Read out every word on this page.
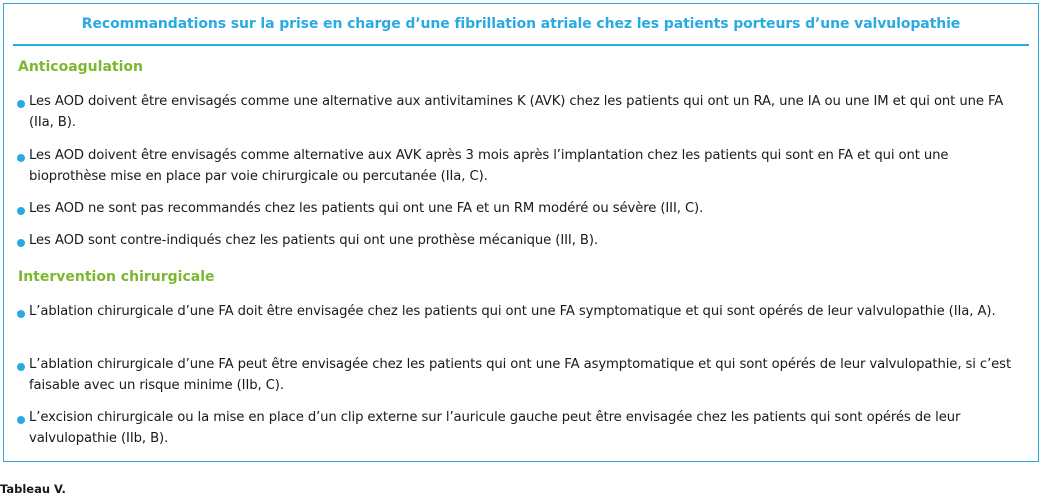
Recommandations sur la prise en charge d’une fibrillation atriale chez les patients porteurs d’une valvulopathie
Anticoagulation
Les AOD doivent être envisagés comme une alternative aux antivitamines K (AVK) chez les patients qui ont un RA, une IA ou une IM et qui ont une FA (IIa, B).
Les AOD doivent être envisagés comme alternative aux AVK après 3 mois après l’implantation chez les patients qui sont en FA et qui ont une bioprothèse mise en place par voie chirurgicale ou percutanée (IIa, C).
Les AOD ne sont pas recommandés chez les patients qui ont une FA et un RM modéré ou sévère (III, C).
Les AOD sont contre-indiqués chez les patients qui ont une prothèse mécanique (III, B).
Intervention chirurgicale
L’ablation chirurgicale d’une FA doit être envisagée chez les patients qui ont une FA symptomatique et qui sont opérés de leur valvulopathie (IIa, A).
L’ablation chirurgicale d’une FA peut être envisagée chez les patients qui ont une FA asymptomatique et qui sont opérés de leur valvulopathie, si c’est faisable avec un risque minime (IIb, C).
L’excision chirurgicale ou la mise en place d’un clip externe sur l’auricule gauche peut être envisagée chez les patients qui sont opérés de leur valvulopathie (IIb, B).
Tableau V.
